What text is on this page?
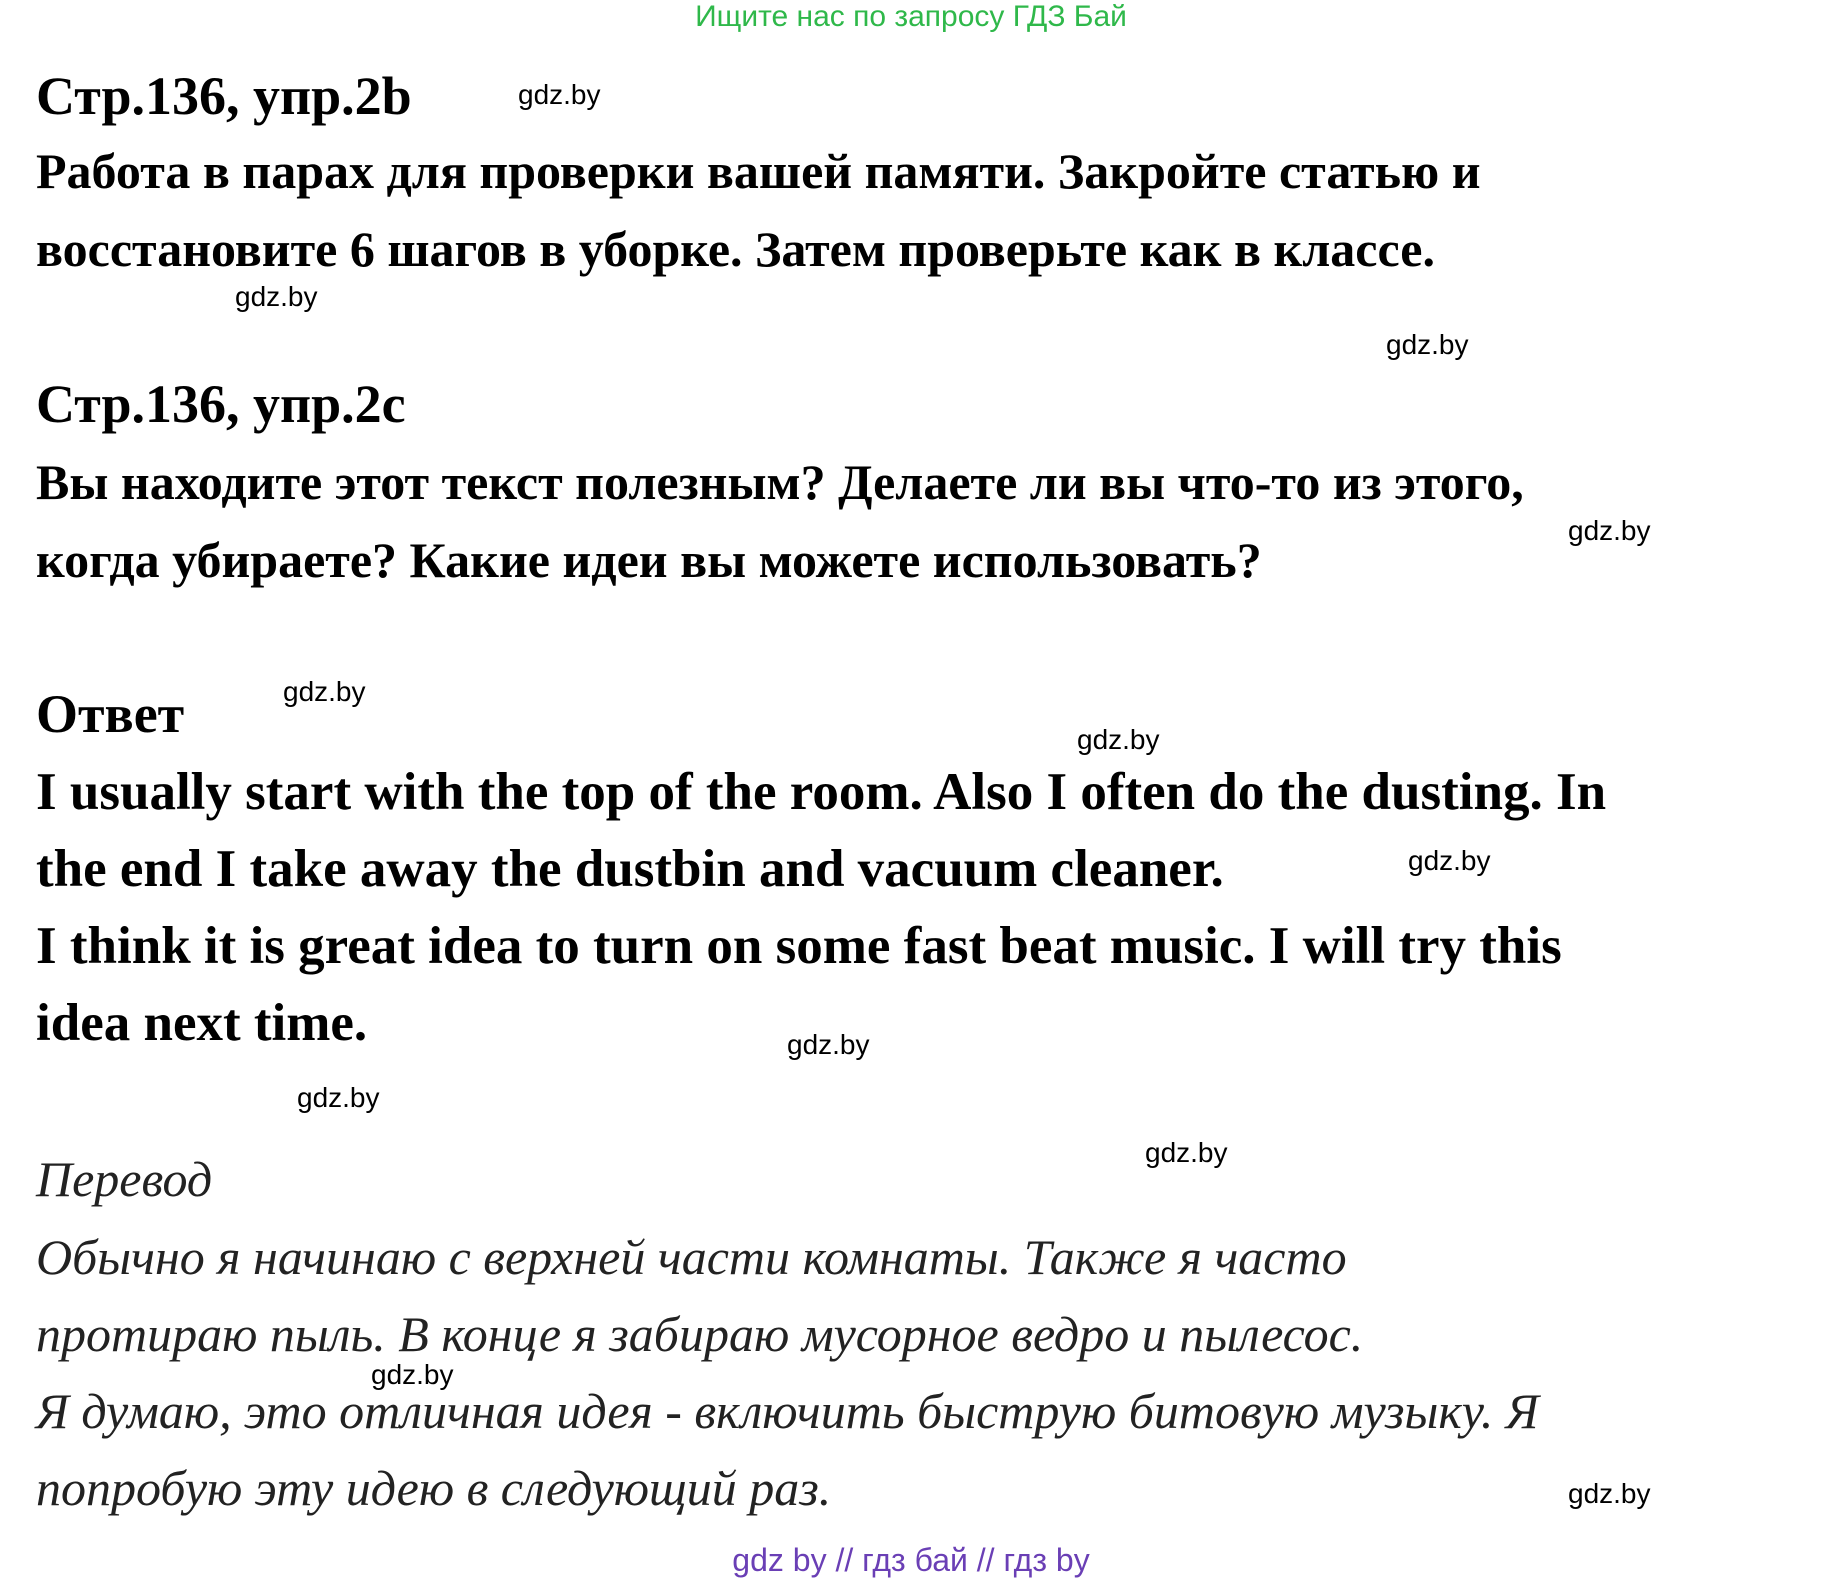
Ищите нас по запросу ГДЗ Бай
Стр.136, упр.2b
Работа в парах для проверки вашей памяти. Закройте статью и
восстановите 6 шагов в уборке. Затем проверьте как в классе.
Стр.136, упр.2c
Вы находите этот текст полезным? Делаете ли вы что-то из этого,
когда убираете? Какие идеи вы можете использовать?
Ответ
I usually start with the top of the room. Also I often do the dusting. In
the end I take away the dustbin and vacuum cleaner.
I think it is great idea to turn on some fast beat music. I will try this
idea next time.
Перевод
Обычно я начинаю с верхней части комнаты. Также я часто
протираю пыль. В конце я забираю мусорное ведро и пылесос.
Я думаю, это отличная идея - включить быструю битовую музыку. Я
попробую эту идею в следующий раз.
gdz.by
gdz.by
gdz.by
gdz.by
gdz.by
gdz.by
gdz.by
gdz.by
gdz.by
gdz.by
gdz.by
gdz.by
gdz by // гдз бай // гдз by
